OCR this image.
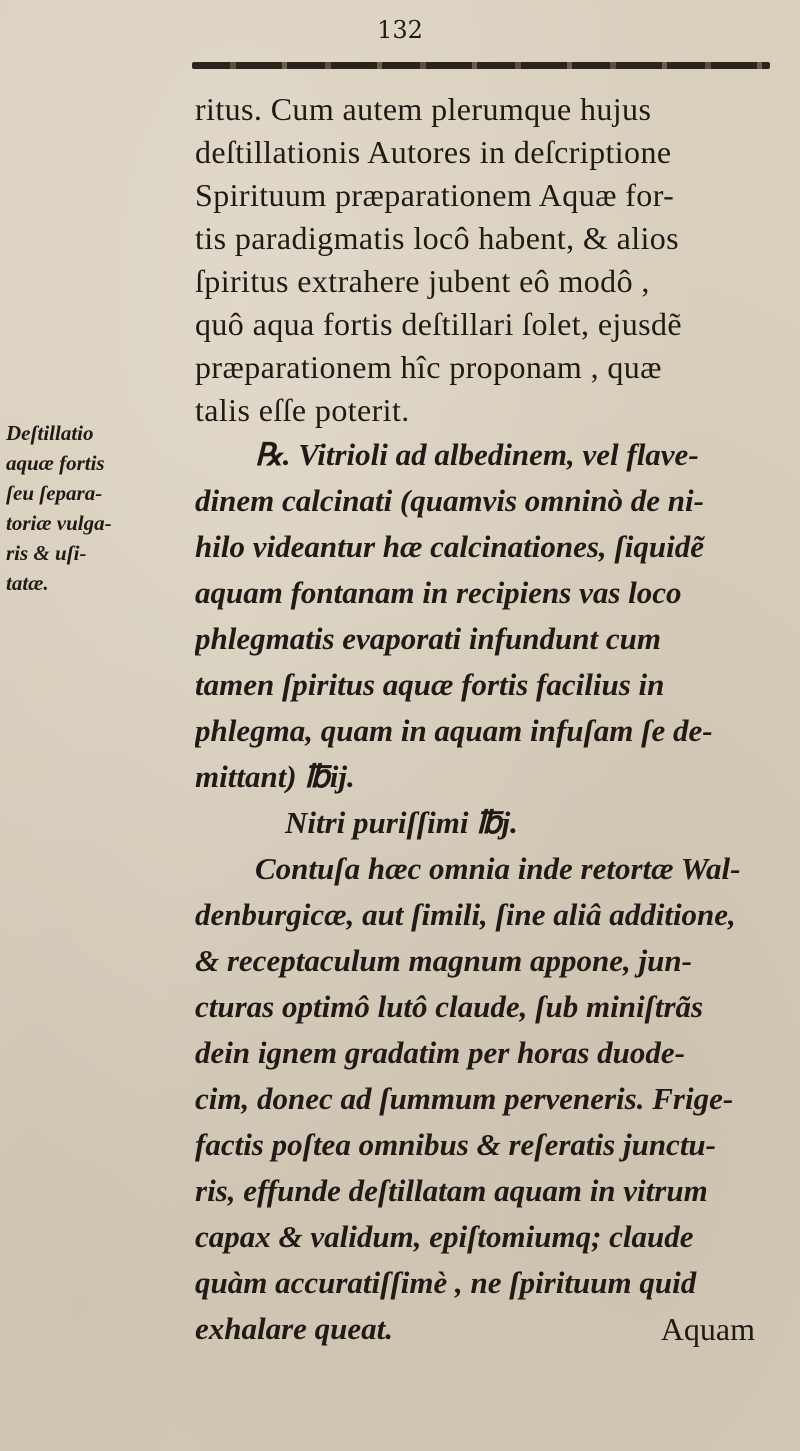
132
Deſtillatio
aquæ fortis
ſeu ſepara-
toriæ vulga-
ris & uſi-
tatæ.
ritus. Cum autem plerumque hujus
deſtillationis Autores in deſcriptione
Spirituum præparationem Aquæ for-
tis paradigmatis locô habent, & alios
ſpiritus extrahere jubent eô modô ,
quô aqua fortis deſtillari ſolet, ejusdẽ
præparationem hîc proponam , quæ
talis eſſe poterit.
℞. Vitrioli ad albedinem, vel flave-
dinem calcinati (quamvis omninò de ni-
hilo videantur hæ calcinationes, ſiquidẽ
aquam fontanam in recipiens vas loco
phlegmatis evaporati infundunt cum
tamen ſpiritus aquæ fortis facilius in
phlegma, quam in aquam infuſam ſe de-
mittant) ℔ij.
Nitri puriſſimi ℔j.
Contuſa hæc omnia inde retortæ Wal-
denburgicæ, aut ſimili, ſine aliâ additione,
& receptaculum magnum appone, jun-
cturas optimô lutô claude, ſub miniſtrãs
dein ignem gradatim per horas duode-
cim, donec ad ſummum perveneris. Frige-
factis poſtea omnibus & reſeratis junctu-
ris, effunde deſtillatam aquam in vitrum
capax & validum, epiſtomiumq; claude
quàm accuratiſſimè , ne ſpirituum quid
exhalare queat.	Aquam
